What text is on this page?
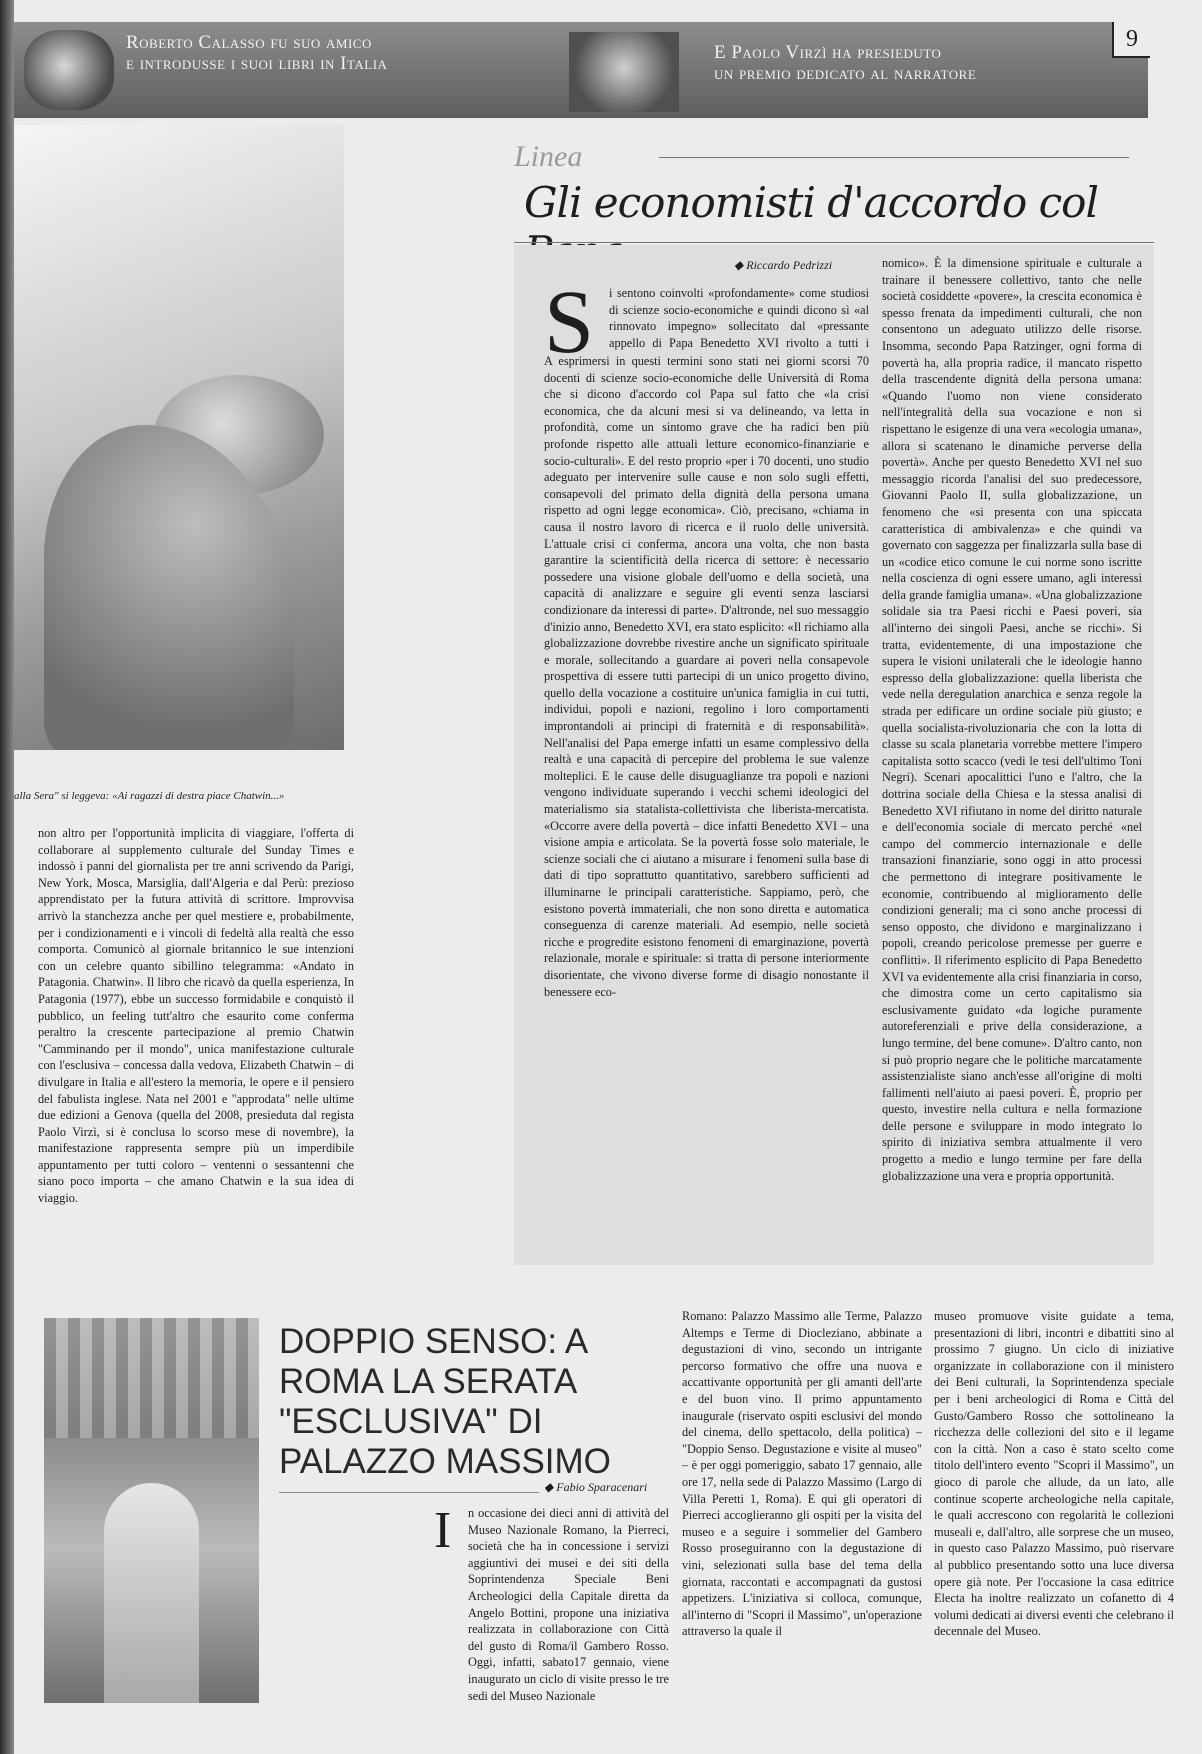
Roberto Calasso fu suo amico
e introdusse i suoi libri in Italia
E Paolo Virzì ha presieduto
un premio dedicato al narratore
9
alla Sera" si leggeva: «Ai ragazzi di destra piace Chatwin...»
non altro per l'opportunità implicita di viaggiare, l'offerta di collaborare al supplemento culturale del Sunday Times e indossò i panni del giornalista per tre anni scrivendo da Parigi, New York, Mosca, Marsiglia, dall'Algeria e dal Perù: prezioso apprendistato per la futura attività di scrittore. Improvvisa arrivò la stanchezza anche per quel mestiere e, probabilmente, per i condizionamenti e i vincoli di fedeltà alla realtà che esso comporta. Comunicò al giornale britannico le sue intenzioni con un celebre quanto sibillino telegramma: «Andato in Patagonia. Chatwin». Il libro che ricavò da quella esperienza, In Patagonia (1977), ebbe un successo formidabile e conquistò il pubblico, un feeling tutt'altro che esaurito come conferma peraltro la crescente partecipazione al premio Chatwin "Camminando per il mondo", unica manifestazione culturale con l'esclusiva – concessa dalla vedova, Elizabeth Chatwin – di divulgare in Italia e all'estero la memoria, le opere e il pensiero del fabulista inglese. Nata nel 2001 e "approdata" nelle ultime due edizioni a Genova (quella del 2008, presieduta dal regista Paolo Virzì, si è conclusa lo scorso mese di novembre), la manifestazione rappresenta sempre più un imperdibile appuntamento per tutti coloro – ventenni o sessantenni che siano poco importa – che amano Chatwin e la sua idea di viaggio.
Linea
Gli economisti d'accordo col
◆ Riccardo Pedrizzi
S i sentono coinvolti «profondamente» come studiosi di scienze socio-economiche e quindi dicono sì «al rinnovato impegno» sollecitato dal «pressante appello di Papa Benedetto XVI rivolto a tutti i
A esprimersi in questi termini sono stati nei giorni scorsi 70 docenti di scienze socio-economiche delle Università di Roma che si dicono d'accordo col Papa sul fatto che «la crisi economica, che da alcuni mesi si va delineando, va letta in profondità, come un sintomo grave che ha radici ben più profonde rispetto alle attuali letture economico-finanziarie e socio-culturali». E del resto proprio «per i 70 docenti, uno studio adeguato per intervenire sulle cause e non solo sugli effetti, consapevoli del primato della dignità della persona umana rispetto ad ogni legge economica». Ciò, precisano, «chiama in causa il nostro lavoro di ricerca e il ruolo delle università. L'attuale crisi ci conferma, ancora una volta, che non basta garantire la scientificità della ricerca di settore: è necessario possedere una visione globale dell'uomo e della società, una capacità di analizzare e seguire gli eventi senza lasciarsi condizionare da interessi di parte». D'altronde, nel suo messaggio d'inizio anno, Benedetto XVI, era stato esplicito: «Il richiamo alla globalizzazione dovrebbe rivestire anche un significato spirituale e morale, sollecitando a guardare ai poveri nella consapevole prospettiva di essere tutti partecipi di un unico progetto divino, quello della vocazione a costituire un'unica famiglia in cui tutti, individui, popoli e nazioni, regolino i loro comportamenti improntandoli ai principi di fraternità e di responsabilità». Nell'analisi del Papa emerge infatti un esame complessivo della realtà e una capacità di percepire del problema le sue valenze molteplici. E le cause delle disuguaglianze tra popoli e nazioni vengono individuate superando i vecchi schemi ideologici del materialismo sia statalista-collettivista che liberista-mercatista. «Occorre avere della povertà – dice infatti Benedetto XVI – una visione ampia e articolata. Se la povertà fosse solo materiale, le scienze sociali che ci aiutano a misurare i fenomeni sulla base di dati di tipo soprattutto quantitativo, sarebbero sufficienti ad illuminarne le principali caratteristiche. Sappiamo, però, che esistono povertà immateriali, che non sono diretta e automatica conseguenza di carenze materiali. Ad esempio, nelle società ricche e progredite esistono fenomeni di emarginazione, povertà relazionale, morale e spirituale: si tratta di persone interiormente disorientate, che vivono diverse forme di disagio nonostante il benessere eco-
nomico». È la dimensione spirituale e culturale a trainare il benessere collettivo, tanto che nelle società cosiddette «povere», la crescita economica è spesso frenata da impedimenti culturali, che non consentono un adeguato utilizzo delle risorse. Insomma, secondo Papa Ratzinger, ogni forma di povertà ha, alla propria radice, il mancato rispetto della trascendente dignità della persona umana: «Quando l'uomo non viene considerato nell'integralità della sua vocazione e non si rispettano le esigenze di una vera «ecologia umana», allora si scatenano le dinamiche perverse della povertà». Anche per questo Benedetto XVI nel suo messaggio ricorda l'analisi del suo predecessore, Giovanni Paolo II, sulla globalizzazione, un fenomeno che «si presenta con una spiccata caratteristica di ambivalenza» e che quindi va governato con saggezza per finalizzarla sulla base di un «codice etico comune le cui norme sono iscritte nella coscienza di ogni essere umano, agli interessi della grande famiglia umana». «Una globalizzazione solidale sia tra Paesi ricchi e Paesi poveri, sia all'interno dei singoli Paesi, anche se ricchi». Si tratta, evidentemente, di una impostazione che supera le visioni unilaterali che le ideologie hanno espresso della globalizzazione: quella liberista che vede nella deregulation anarchica e senza regole la strada per edificare un ordine sociale più giusto; e quella socialista-rivoluzionaria che con la lotta di classe su scala planetaria vorrebbe mettere l'impero capitalista sotto scacco (vedi le tesi dell'ultimo Toni Negri). Scenari apocalittici l'uno e l'altro, che la dottrina sociale della Chiesa e la stessa analisi di Benedetto XVI rifiutano in nome del diritto naturale e dell'economia sociale di mercato perché «nel campo del commercio internazionale e delle transazioni finanziarie, sono oggi in atto processi che permettono di integrare positivamente le economie, contribuendo al miglioramento delle condizioni generali; ma ci sono anche processi di senso opposto, che dividono e marginalizzano i popoli, creando pericolose premesse per guerre e conflitti». Il riferimento esplicito di Papa Benedetto XVI va evidentemente alla crisi finanziaria in corso, che dimostra come un certo capitalismo sia esclusivamente guidato «da logiche puramente autoreferenziali e prive della considerazione, a lungo termine, del bene comune». D'altro canto, non si può proprio negare che le politiche marcatamente assistenzialiste siano anch'esse all'origine di molti fallimenti nell'aiuto ai paesi poveri. È, proprio per questo, investire nella cultura e nella formazione delle persone e sviluppare in modo integrato lo spirito di iniziativa sembra attualmente il vero progetto a medio e lungo termine per fare della globalizzazione una vera e propria opportunità.
DOPPIO SENSO: A ROMA LA SERATA "ESCLUSIVA" DI PALAZZO MASSIMO
◆ Fabio Sparacenari
I	n occasione dei dieci anni di attività del Museo Nazionale Romano, la Pierreci, società che ha in concessione i servizi aggiuntivi dei musei e dei siti della Soprintendenza Speciale Beni Archeologici della Capitale diretta da Angelo Bottini, propone una iniziativa realizzata in collaborazione con Città del gusto di Roma/il Gambero Rosso. Oggi, infatti, sabato17 gennaio, viene inaugurato un ciclo di visite presso le tre sedi del Museo Nazionale
Romano: Palazzo Massimo alle Terme, Palazzo Altemps e Terme di Diocleziano, abbinate a degustazioni di vino, secondo un intrigante percorso formativo che offre una nuova e accattivante opportunità per gli amanti dell'arte e del buon vino. Il primo appuntamento inaugurale (riservato ospiti esclusivi del mondo del cinema, dello spettacolo, della politica) – "Doppio Senso. Degustazione e visite al museo" – è per oggi pomeriggio, sabato 17 gennaio, alle ore 17, nella sede di Palazzo Massimo (Largo di Villa Peretti 1, Roma). E qui gli operatori di Pierreci accoglieranno gli ospiti per la visita del museo e a seguire i sommelier del Gambero Rosso proseguiranno con la degustazione di vini, selezionati sulla base del tema della giornata, raccontati e accompagnati da gustosi appetizers. L'iniziativa si colloca, comunque, all'interno di "Scopri il Massimo", un'operazione attraverso la quale il
museo promuove visite guidate a tema, presentazioni di libri, incontri e dibattiti sino al prossimo 7 giugno. Un ciclo di iniziative organizzate in collaborazione con il ministero dei Beni culturali, la Soprintendenza speciale per i beni archeologici di Roma e Città del Gusto/Gambero Rosso che sottolineano la ricchezza delle collezioni del sito e il legame con la città. Non a caso è stato scelto come titolo dell'intero evento "Scopri il Massimo", un gioco di parole che allude, da un lato, alle continue scoperte archeologiche nella capitale, le quali accrescono con regolarità le collezioni museali e, dall'altro, alle sorprese che un museo, in questo caso Palazzo Massimo, può riservare al pubblico presentando sotto una luce diversa opere già note. Per l'occasione la casa editrice Electa ha inoltre realizzato un cofanetto di 4 volumi dedicati ai diversi eventi che celebrano il decennale del Museo.
